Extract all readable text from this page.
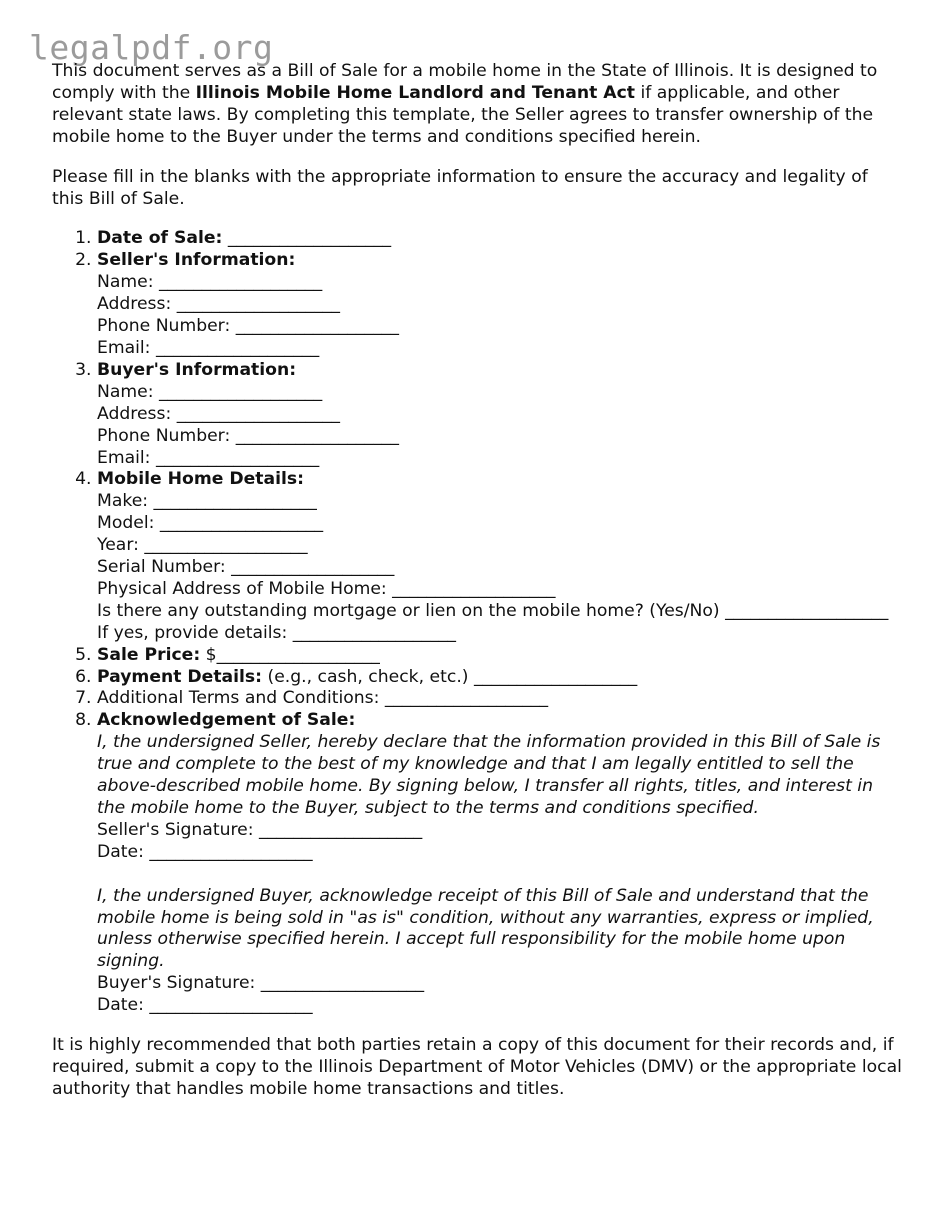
legalpdf.org

This document serves as a Bill of Sale for a mobile home in the State of Illinois. It is designed to comply with the Illinois Mobile Home Landlord and Tenant Act if applicable, and other relevant state laws. By completing this template, the Seller agrees to transfer ownership of the mobile home to the Buyer under the terms and conditions specified herein.

Please fill in the blanks with the appropriate information to ensure the accuracy and legality of this Bill of Sale.

1. Date of Sale: ___________________
2. Seller's Information:
Name: ___________________
Address: ___________________
Phone Number: ___________________
Email: ___________________
3. Buyer's Information:
Name: ___________________
Address: ___________________
Phone Number: ___________________
Email: ___________________
4. Mobile Home Details:
Make: ___________________
Model: ___________________
Year: ___________________
Serial Number: ___________________
Physical Address of Mobile Home: ___________________
Is there any outstanding mortgage or lien on the mobile home? (Yes/No) ___________________
If yes, provide details: ___________________
5. Sale Price: $___________________
6. Payment Details: (e.g., cash, check, etc.) ___________________
7. Additional Terms and Conditions: ___________________
8. Acknowledgement of Sale:
I, the undersigned Seller, hereby declare that the information provided in this Bill of Sale is true and complete to the best of my knowledge and that I am legally entitled to sell the above-described mobile home. By signing below, I transfer all rights, titles, and interest in the mobile home to the Buyer, subject to the terms and conditions specified.
Seller's Signature: ___________________
Date: ___________________
I, the undersigned Buyer, acknowledge receipt of this Bill of Sale and understand that the mobile home is being sold in "as is" condition, without any warranties, express or implied, unless otherwise specified herein. I accept full responsibility for the mobile home upon signing.
Buyer's Signature: ___________________
Date: ___________________

It is highly recommended that both parties retain a copy of this document for their records and, if required, submit a copy to the Illinois Department of Motor Vehicles (DMV) or the appropriate local authority that handles mobile home transactions and titles.
